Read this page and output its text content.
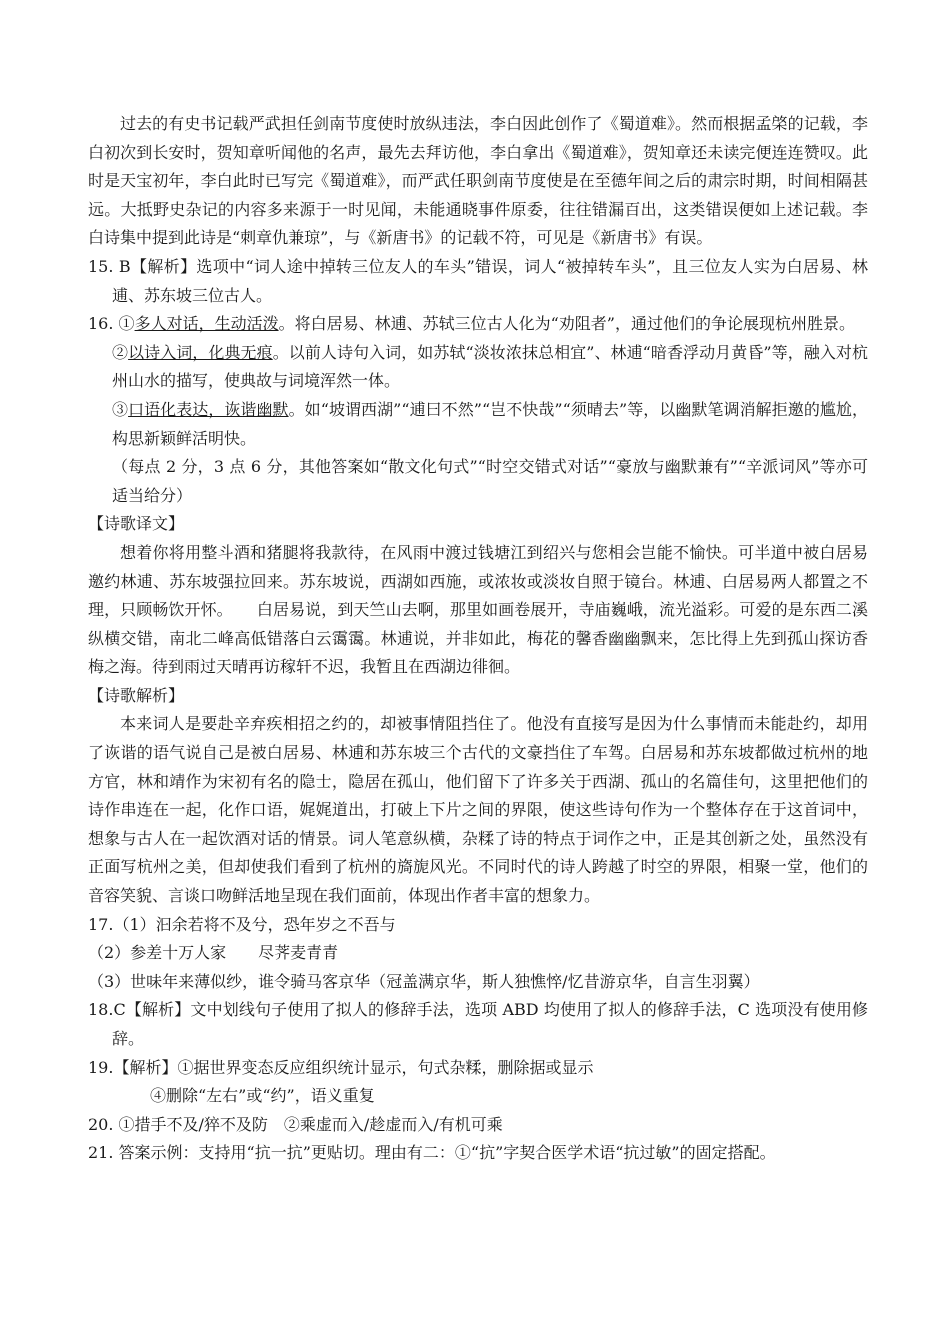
过去的有史书记载严武担任剑南节度使时放纵违法，李白因此创作了《蜀道难》。然而根据孟棨的记载，李白初次到长安时，贺知章听闻他的名声，最先去拜访他，李白拿出《蜀道难》，贺知章还未读完便连连赞叹。此时是天宝初年，李白此时已写完《蜀道难》，而严武任职剑南节度使是在至德年间之后的肃宗时期，时间相隔甚远。大抵野史杂记的内容多来源于一时见闻，未能通晓事件原委，往往错漏百出，这类错误便如上述记载。李白诗集中提到此诗是“刺章仇兼琼”，与《新唐书》的记载不符，可见是《新唐书》有误。

15. B【解析】选项中“词人途中掉转三位友人的车头”错误，词人“被掉转车头”，且三位友人实为白居易、林逋、苏东坡三位古人。

16. ①多人对话，生动活泼。将白居易、林逋、苏轼三位古人化为“劝阻者”，通过他们的争论展现杭州胜景。

②以诗入词，化典无痕。以前人诗句入词，如苏轼“淡妆浓抹总相宜”、林逋“暗香浮动月黄昏”等，融入对杭州山水的描写，使典故与词境浑然一体。

③口语化表达，诙谐幽默。如“坡谓西湖”“逋曰不然”“岂不快哉”“须晴去”等，以幽默笔调消解拒邀的尴尬，构思新颖鲜活明快。

（每点 2 分，3 点 6 分，其他答案如“散文化句式”“时空交错式对话”“豪放与幽默兼有”“辛派词风”等亦可适当给分）

【诗歌译文】

想着你将用整斗酒和猪腿将我款待，在风雨中渡过钱塘江到绍兴与您相会岂能不愉快。可半道中被白居易邀约林逋、苏东坡强拉回来。苏东坡说，西湖如西施，或浓妆或淡妆自照于镜台。林逋、白居易两人都置之不理，只顾畅饮开怀。　　白居易说，到天竺山去啊，那里如画卷展开，寺庙巍峨，流光溢彩。可爱的是东西二溪纵横交错，南北二峰高低错落白云霭霭。林逋说，并非如此，梅花的馨香幽幽飘来，怎比得上先到孤山探访香梅之海。待到雨过天晴再访稼轩不迟，我暂且在西湖边徘徊。

【诗歌解析】

本来词人是要赴辛弃疾相招之约的，却被事情阻挡住了。他没有直接写是因为什么事情而未能赴约，却用了诙谐的语气说自己是被白居易、林逋和苏东坡三个古代的文豪挡住了车驾。白居易和苏东坡都做过杭州的地方官，林和靖作为宋初有名的隐士，隐居在孤山，他们留下了许多关于西湖、孤山的名篇佳句，这里把他们的诗作串连在一起，化作口语，娓娓道出，打破上下片之间的界限，使这些诗句作为一个整体存在于这首词中，想象与古人在一起饮酒对话的情景。词人笔意纵横，杂糅了诗的特点于词作之中，正是其创新之处，虽然没有正面写杭州之美，但却使我们看到了杭州的旖旎风光。不同时代的诗人跨越了时空的界限，相聚一堂，他们的音容笑貌、言谈口吻鲜活地呈现在我们面前，体现出作者丰富的想象力。

17.（1）汩余若将不及兮，恐年岁之不吾与

（2）参差十万人家　　尽荠麦青青

（3）世味年来薄似纱，谁令骑马客京华（冠盖满京华，斯人独憔悴/忆昔游京华，自言生羽翼）

18.C【解析】文中划线句子使用了拟人的修辞手法，选项 ABD 均使用了拟人的修辞手法，C 选项没有使用修辞。

19.【解析】①据世界变态反应组织统计显示，句式杂糅，删除据或显示

④删除“左右”或“约”，语义重复

20. ①措手不及/猝不及防　②乘虚而入/趁虚而入/有机可乘

21. 答案示例：支持用“抗一抗”更贴切。理由有二：①“抗”字契合医学术语“抗过敏”的固定搭配。
